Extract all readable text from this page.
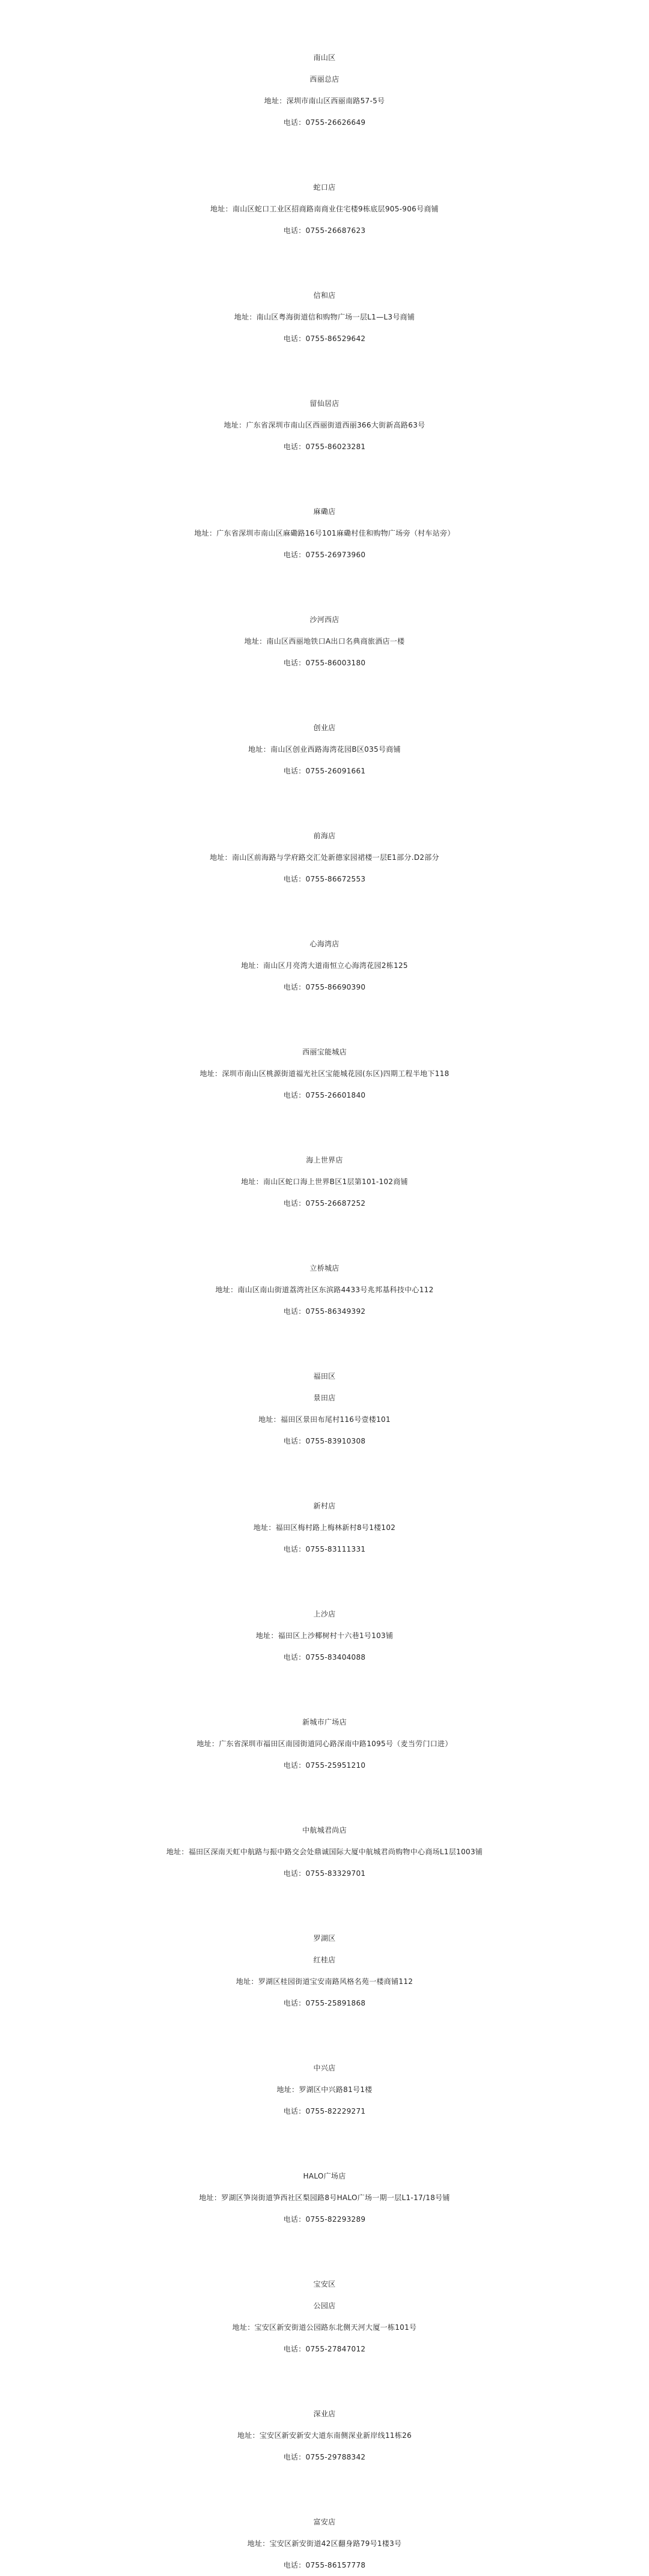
南山区
西丽总店
地址：深圳市南山区西丽南路57-5号
电话：0755-26626649
蛇口店
地址：南山区蛇口工业区招商路南商业住宅楼9栋底层905-906号商铺
电话：0755-26687623
信和店
地址：南山区粤海街道信和购物广场一层L1—L3号商铺
电话：0755-86529642
留仙居店
地址：广东省深圳市南山区西丽街道西丽366大街新高路63号
电话：0755-86023281
麻磡店
地址：广东省深圳市南山区麻磡路16号101麻磡村佳和购物广场旁（村车站旁）
电话：0755-26973960
沙河西店
地址：南山区西丽地铁口A出口名典商旅酒店一楼
电话：0755-86003180
创业店
地址：南山区创业西路海湾花园B区035号商铺
电话：0755-26091661
前海店
地址：南山区前海路与学府路交汇处新德家园裙楼一层E1部分.D2部分
电话：0755-86672553
心海湾店
地址：南山区月亮湾大道南恒立心海湾花园2栋125
电话：0755-86690390
西丽宝能城店
地址：深圳市南山区桃源街道福光社区宝能城花园(东区)四期工程半地下118
电话：0755-26601840
海上世界店
地址：南山区蛇口海上世界B区1层第101-102商铺
电话：0755-26687252
立桥城店
地址：南山区南山街道荔湾社区东滨路4433号兆邦基科技中心112
电话：0755-86349392
福田区
景田店
地址：福田区景田布尾村116号壹楼101
电话：0755-83910308
新村店
地址：福田区梅村路上梅林新村8号1楼102
电话：0755-83111331
上沙店
地址：福田区上沙椰树村十六巷1号103铺
电话：0755-83404088
新城市广场店
地址：广东省深圳市福田区南园街道同心路深南中路1095号（麦当劳门口进）
电话：0755-25951210
中航城君尚店
地址：福田区深南天虹中航路与振中路交会处鼎诚国际大厦中航城君尚购物中心商场L1层1003铺
电话：0755-83329701
罗湖区
红桂店
地址：罗湖区桂园街道宝安南路风格名苑一楼商铺112
电话：0755-25891868
中兴店
地址：罗湖区中兴路81号1楼
电话：0755-82229271
HALO广场店
地址：罗湖区笋岗街道笋西社区梨园路8号HALO广场一期一层L1-17/18号铺
电话：0755-82293289
宝安区
公园店
地址：宝安区新安街道公园路东北侧天河大厦一栋101号
电话：0755-27847012
深业店
地址：宝安区新安新安大道东南侧深业新岸线11栋26
电话：0755-29788342
富安店
地址：宝安区新安街道42区翻身路79号1楼3号
电话：0755-86157778
